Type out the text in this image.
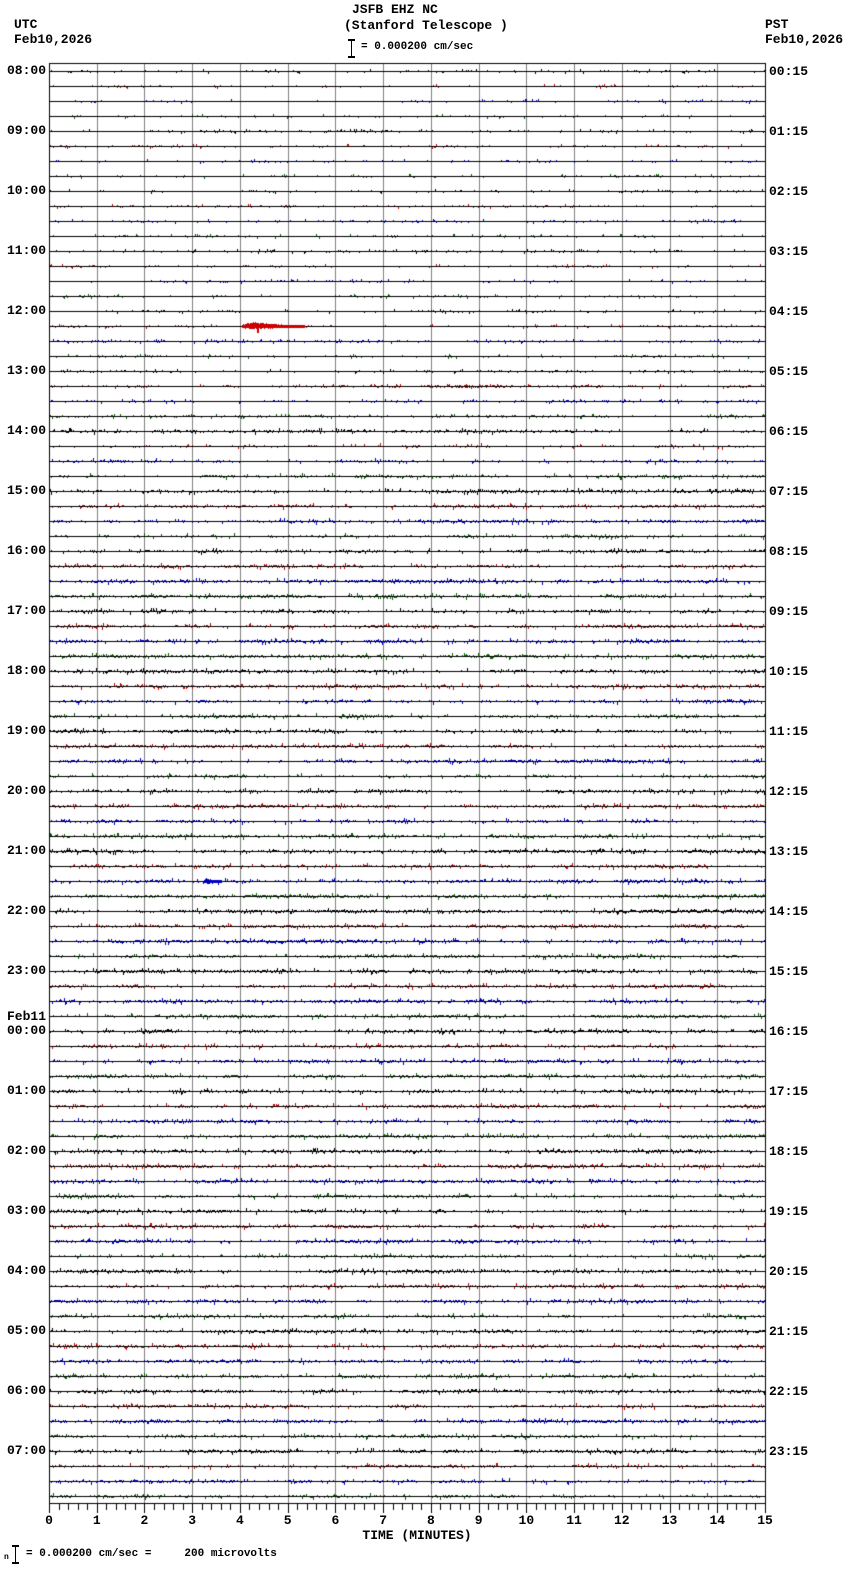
JSFB EHZ NC
(Stanford Telescope )
= 0.000200 cm/sec
UTC
Feb10,2026
PST
Feb10,2026
08:00
09:00
10:00
11:00
12:00
13:00
14:00
15:00
16:00
17:00
18:00
19:00
20:00
21:00
22:00
23:00
Feb11
00:00
01:00
02:00
03:00
04:00
05:00
06:00
07:00
00:15
01:15
02:15
03:15
04:15
05:15
06:15
07:15
08:15
09:15
10:15
11:15
12:15
13:15
14:15
15:15
16:15
17:15
18:15
19:15
20:15
21:15
22:15
23:15
0	1	2	3	4	5	6	7	8	9	10 11 12 13 14 15
TIME (MINUTES)
n = 0.000200 cm/sec =     200 microvolts
